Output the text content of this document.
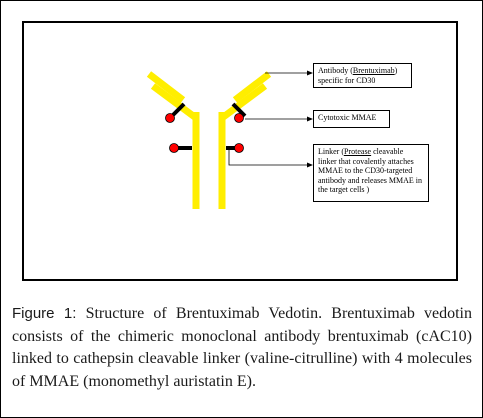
Antibody (Brentuximab)
specific for CD30
Cytotoxic MMAE
Linker (Protease cleavable
linker that covalently attaches
MMAE to the CD30-targeted
antibody and releases MMAE in
the target cells )
Figure 1: Structure of Brentuximab Vedotin. Brentuximab vedotin consists of the chimeric monoclonal antibody brentuximab (cAC10) linked to cathepsin cleavable linker (valine-citrulline) with 4 molecules of MMAE (monomethyl auristatin E).
